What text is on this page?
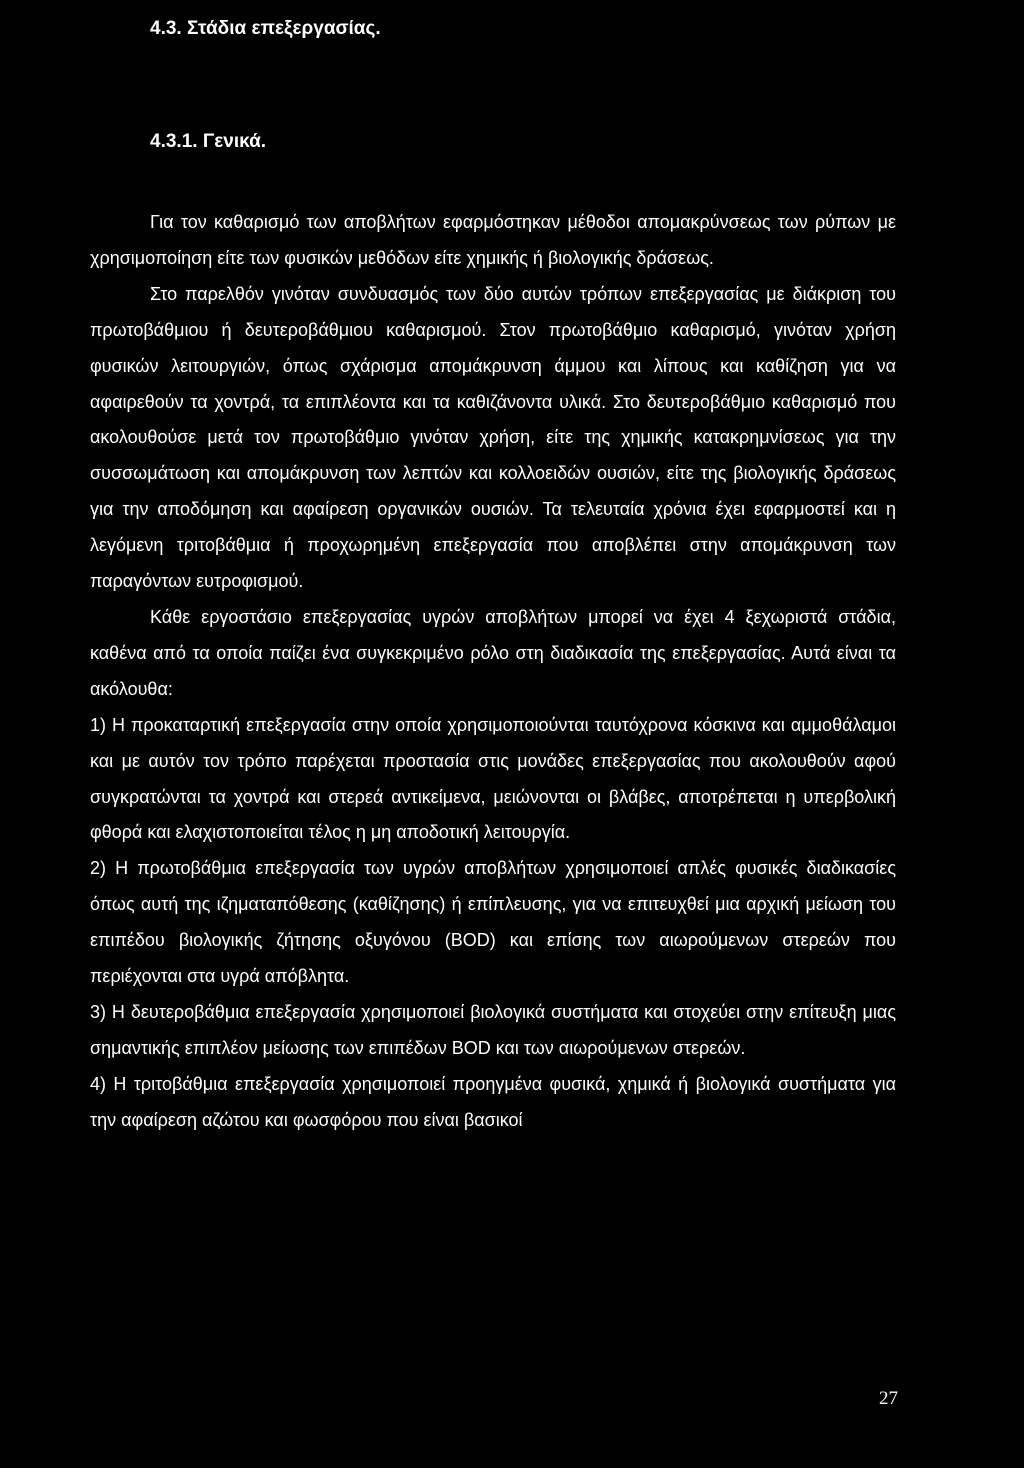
4.3. Στάδια επεξεργασίας.
4.3.1. Γενικά.

Για τον καθαρισμό των αποβλήτων εφαρμόστηκαν μέθοδοι απομακρύνσεως των ρύπων με χρησιμοποίηση είτε των φυσικών μεθόδων είτε χημικής ή βιολογικής δράσεως.

Στο παρελθόν γινόταν συνδυασμός των δύο αυτών τρόπων επεξεργασίας με διάκριση του πρωτοβάθμιου ή δευτεροβάθμιου καθαρισμού. Στον πρωτοβάθμιο καθαρισμό, γινόταν χρήση φυσικών λειτουργιών, όπως σχάρισμα απομάκρυνση άμμου και λίπους και καθίζηση για να αφαιρεθούν τα χοντρά, τα επιπλέοντα και τα καθιζάνοντα υλικά. Στο δευτεροβάθμιο καθαρισμό που ακολουθούσε μετά τον πρωτοβάθμιο γινόταν χρήση, είτε της χημικής κατακρημνίσεως για την συσσωμάτωση και απομάκρυνση των λεπτών και κολλοειδών ουσιών, είτε της βιολογικής δράσεως για την αποδόμηση και αφαίρεση οργανικών ουσιών. Τα τελευταία χρόνια έχει εφαρμοστεί και η λεγόμενη τριτοβάθμια ή προχωρημένη επεξεργασία που αποβλέπει στην απομάκρυνση των παραγόντων ευτροφισμού.

Κάθε εργοστάσιο επεξεργασίας υγρών αποβλήτων μπορεί να έχει 4 ξεχωριστά στάδια, καθένα από τα οποία παίζει ένα συγκεκριμένο ρόλο στη διαδικασία της επεξεργασίας. Αυτά είναι τα ακόλουθα:

1) Η προκαταρτική επεξεργασία στην οποία χρησιμοποιούνται ταυτόχρονα κόσκινα και αμμοθάλαμοι και με αυτόν τον τρόπο παρέχεται προστασία στις μονάδες επεξεργασίας που ακολουθούν αφού συγκρατώνται τα χοντρά και στερεά αντικείμενα, μειώνονται οι βλάβες, αποτρέπεται η υπερβολική φθορά και ελαχιστοποιείται τέλος η μη αποδοτική λειτουργία.

2) Η πρωτοβάθμια επεξεργασία των υγρών αποβλήτων χρησιμοποιεί απλές φυσικές διαδικασίες όπως αυτή της ιζηματαπόθεσης (καθίζησης) ή επίπλευσης, για να επιτευχθεί μια αρχική μείωση του επιπέδου βιολογικής ζήτησης οξυγόνου (BOD) και επίσης των αιωρούμενων στερεών που περιέχονται στα υγρά απόβλητα.

3) Η δευτεροβάθμια επεξεργασία χρησιμοποιεί βιολογικά συστήματα και στοχεύει στην επίτευξη μιας σημαντικής επιπλέον μείωσης των επιπέδων BOD και των αιωρούμενων στερεών.

4) Η τριτοβάθμια επεξεργασία χρησιμοποιεί προηγμένα φυσικά, χημικά ή βιολογικά συστήματα για την αφαίρεση αζώτου και φωσφόρου που είναι βασικοί

27
